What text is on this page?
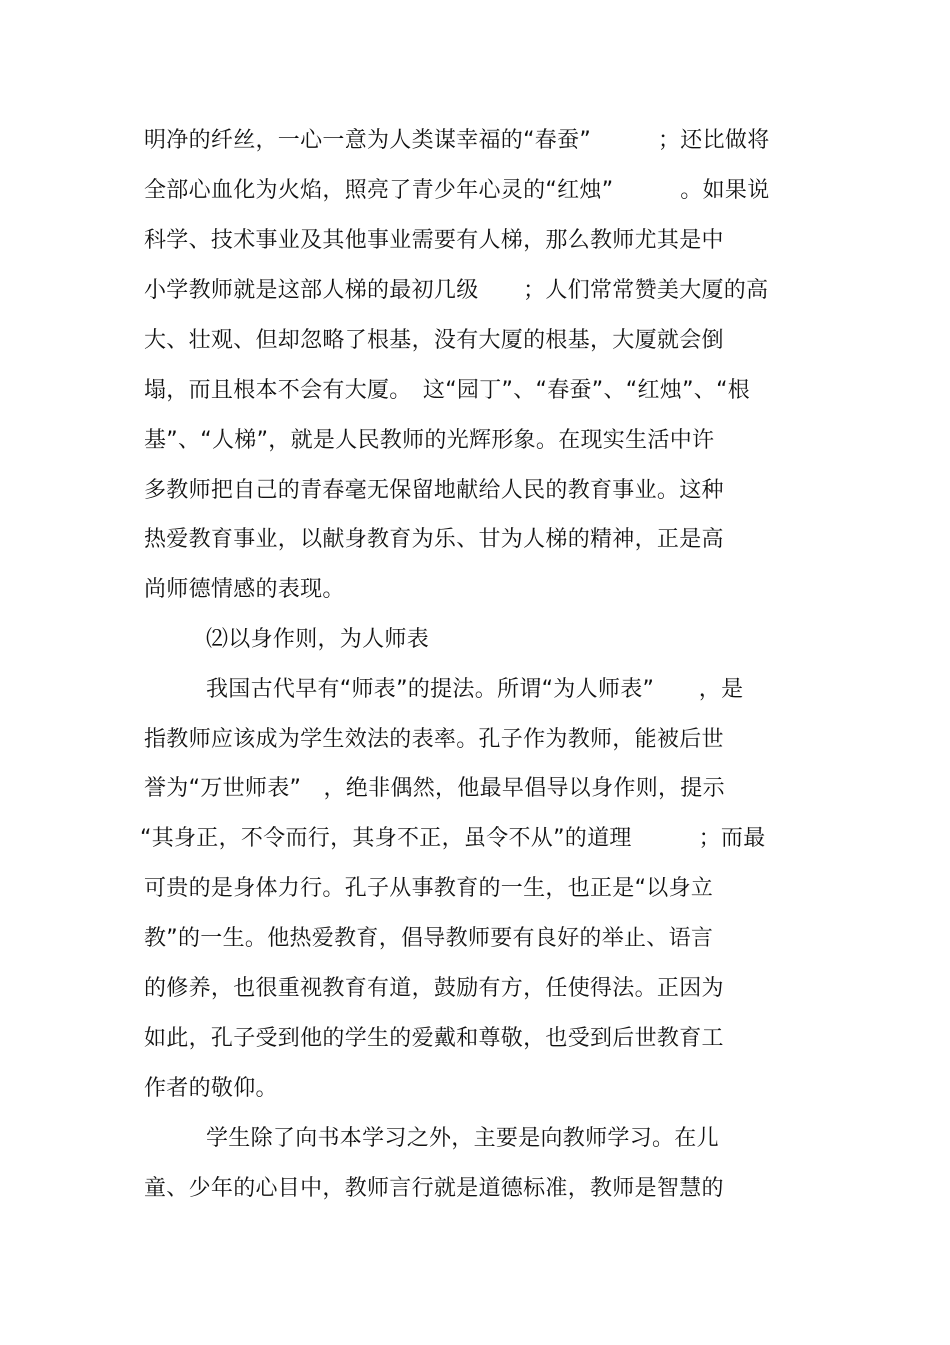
明净的纤丝，一心一意为人类谋幸福的“春蚕”　　　；还比做将
全部心血化为火焰，照亮了青少年心灵的“红烛”　　　。如果说
科学、技术事业及其他事业需要有人梯，那么教师尤其是中
小学教师就是这部人梯的最初几级　　；人们常常赞美大厦的高
大、壮观、但却忽略了根基，没有大厦的根基，大厦就会倒
塌，而且根本不会有大厦。　这“园丁”、“春蚕”、“红烛”、“根
基”、“人梯”，就是人民教师的光辉形象。在现实生活中许
多教师把自己的青春毫无保留地献给人民的教育事业。这种
热爱教育事业，以献身教育为乐、甘为人梯的精神，正是高
尚师德情感的表现。
⑵以身作则，为人师表
我国古代早有“师表”的提法。所谓“为人师表”　　，是
指教师应该成为学生效法的表率。孔子作为教师，能被后世
誉为“万世师表”　，绝非偶然，他最早倡导以身作则，提示
“其身正，不令而行，其身不正，虽令不从”的道理　　　；而最
可贵的是身体力行。孔子从事教育的一生，也正是“以身立
教”的一生。他热爱教育，倡导教师要有良好的举止、语言
的修养，也很重视教育有道，鼓励有方，任使得法。正因为
如此，孔子受到他的学生的爱戴和尊敬，也受到后世教育工
作者的敬仰。
学生除了向书本学习之外，主要是向教师学习。在儿
童、少年的心目中，教师言行就是道德标准，教师是智慧的
